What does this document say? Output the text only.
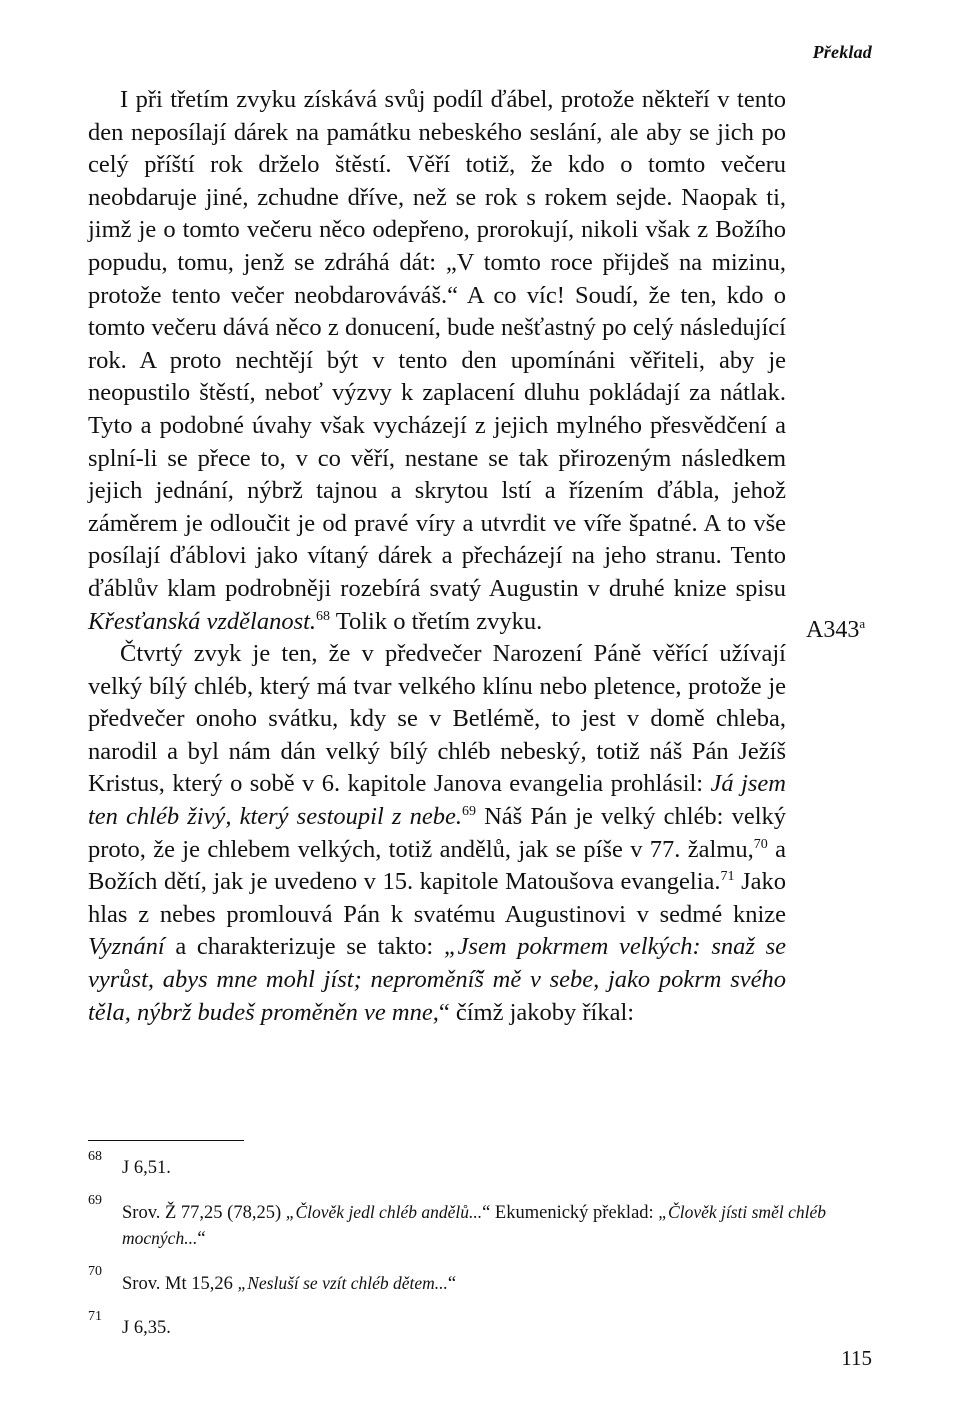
Překlad

I při třetím zvyku získává svůj podíl ďábel, protože někteří v tento den neposílají dárek na památku nebeského seslání, ale aby se jich po celý příští rok drželo štěstí. Věří totiž, že kdo o tomto večeru neobdaruje jiné, zchudne dříve, než se rok s rokem sejde. Naopak ti, jimž je o tomto večeru něco odepřeno, prorokují, nikoli však z Božího popudu, tomu, jenž se zdráhá dát: „V tomto roce přijdeš na mizinu, protože tento večer neobdarováváš.“ A co víc! Soudí, že ten, kdo o tomto večeru dává něco z donucení, bude nešťastný po celý následující rok. A proto nechtějí být v tento den upomínáni věřiteli, aby je neopustilo štěstí, neboť výzvy k zaplacení dluhu pokládají za nátlak. Tyto a podobné úvahy však vycházejí z jejich mylného přesvědčení a splní-li se přece to, v co věří, nestane se tak přirozeným následkem jejich jednání, nýbrž tajnou a skrytou lstí a řízením ďábla, jehož záměrem je odloučit je od pravé víry a utvrdit ve víře špatné. A to vše posílají ďáblovi jako vítaný dárek a přecházejí na jeho stranu. Tento ďáblův klam podrobněji rozebírá svatý Augustin v druhé knize spisu Křesťanská vzdělanost.$^{68}$ Tolik o třetím zvyku.

Čtvrtý zvyk je ten, že v předvečer Narození Páně věřící užívají velký bílý chléb, který má tvar velkého klínu nebo pletence, protože je předvečer onoho svátku, kdy se v Betlémě, to jest v domě chleba, narodil a byl nám dán velký bílý chléb nebeský, totiž náš Pán Ježíš Kristus, který o sobě v 6. kapitole Janova evangelia prohlásil: Já jsem ten chléb živý, který sestoupil z nebe.$^{69}$ Náš Pán je velký chléb: velký proto, že je chlebem velkých, totiž andělů, jak se píše v 77. žalmu,$^{70}$ a Božích dětí, jak je uvedeno v 15. kapitole Matoušova evangelia.$^{71}$ Jako hlas z nebes promlouvá Pán k svatému Augustinovi v sedmé knize Vyznání a charakterizuje se takto: „Jsem pokrmem velkých: snaž se vyrůst, abys mne mohl jíst; nepromění̃š mě v sebe, jako pokrm svého těla, nýbrž budeš proměněn ve mne,“ čímž jakoby říkal:

A343$^a$
68
J 6,51.
69
Srov. Ž 77,25 (78,25) „Člověk jedl chléb andělů...“ Ekumenický překlad: „Člověk jísti směl chléb mocných...“
70
Srov. Mt 15,26 „Nesluší se vzít chléb dětem...“
71
J 6,35.
115
